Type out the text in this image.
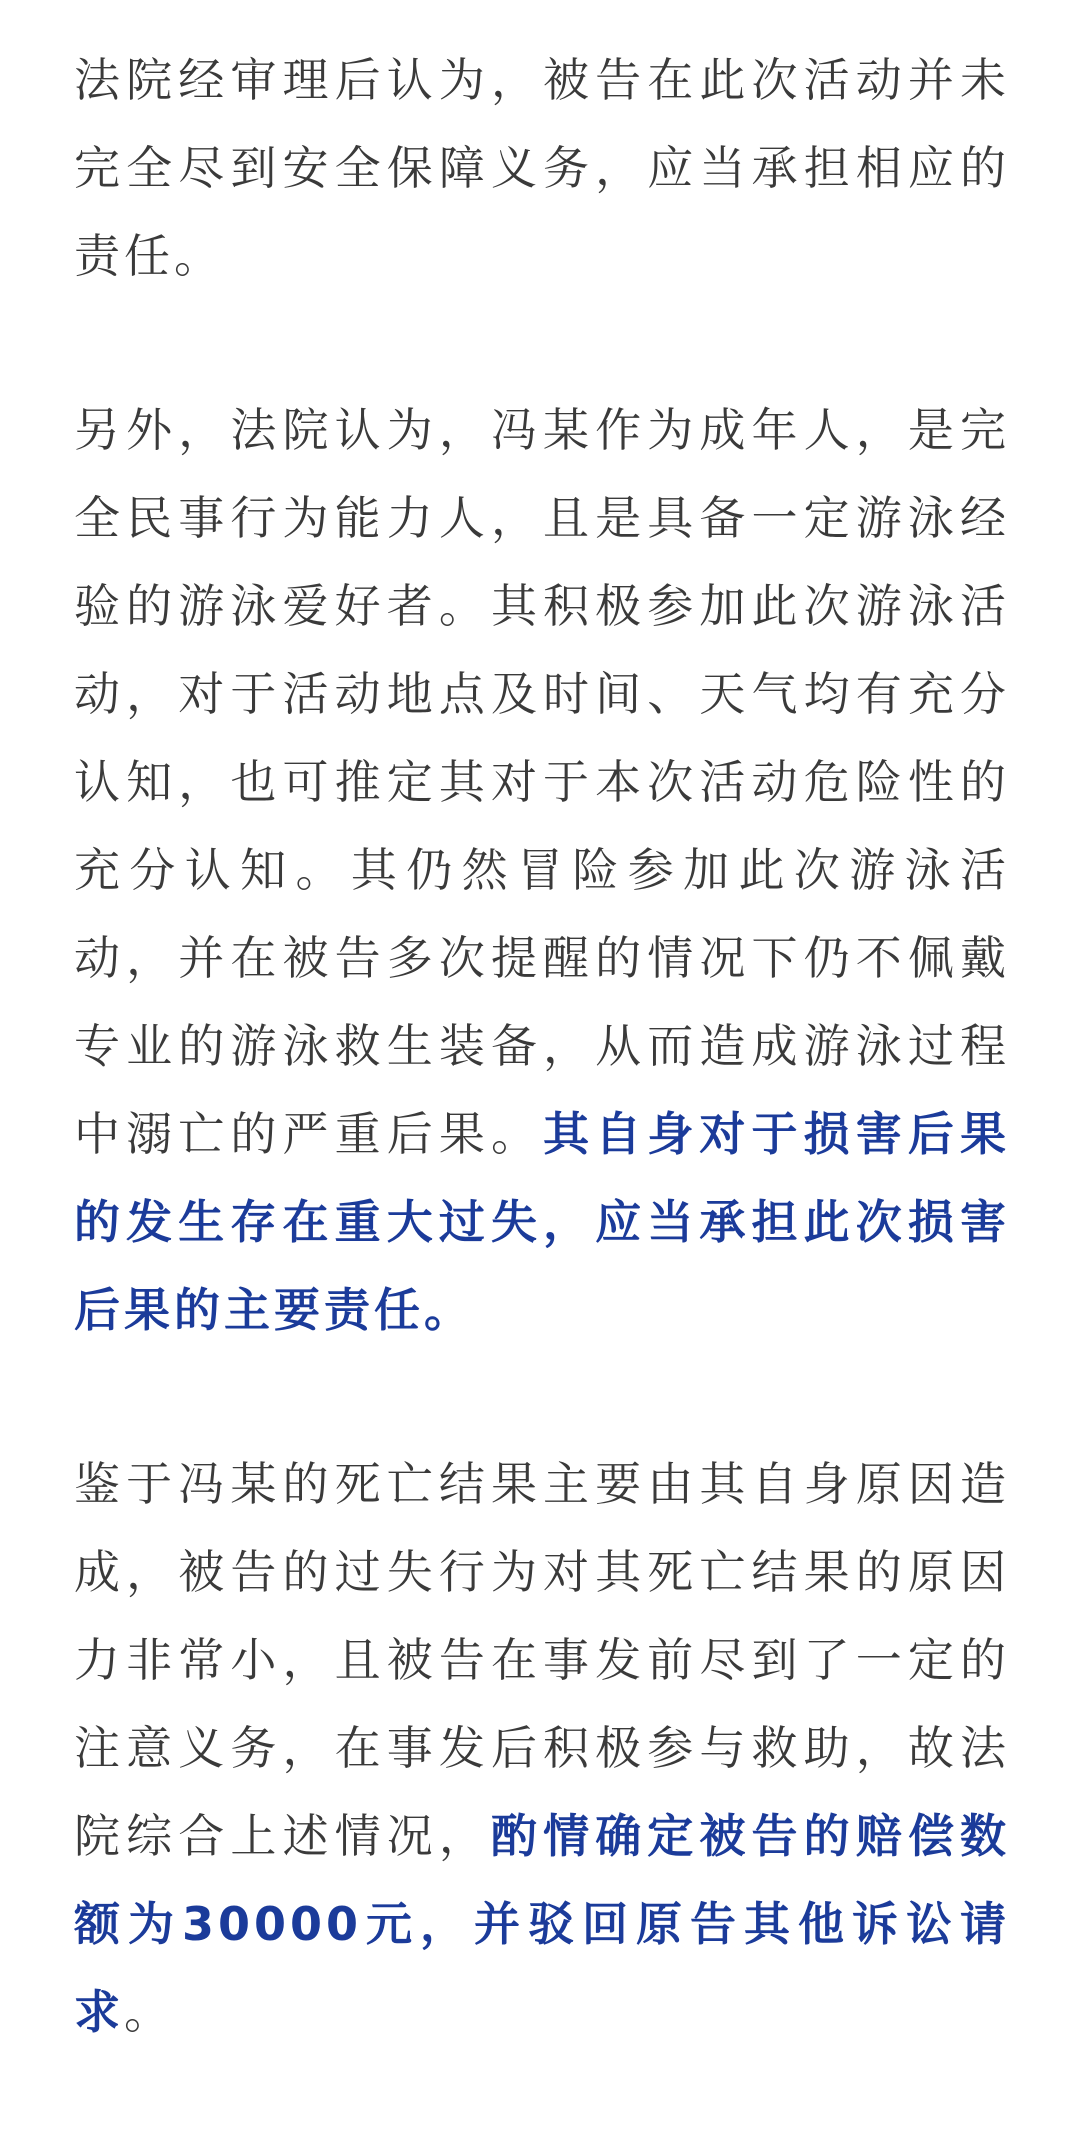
法院经审理后认为，被告在此次活动并未完全尽到安全保障义务，应当承担相应的责任。

另外，法院认为，冯某作为成年人，是完全民事行为能力人，且是具备一定游泳经验的游泳爱好者。其积极参加此次游泳活动，对于活动地点及时间、天气均有充分认知，也可推定其对于本次活动危险性的充分认知。其仍然冒险参加此次游泳活动，并在被告多次提醒的情况下仍不佩戴专业的游泳救生装备，从而造成游泳过程中溺亡的严重后果。其自身对于损害后果的发生存在重大过失，应当承担此次损害后果的主要责任。

鉴于冯某的死亡结果主要由其自身原因造成，被告的过失行为对其死亡结果的原因力非常小，且被告在事发前尽到了一定的注意义务，在事发后积极参与救助，故法院综合上述情况，酌情确定被告的赔偿数额为30000元，并驳回原告其他诉讼请求。
